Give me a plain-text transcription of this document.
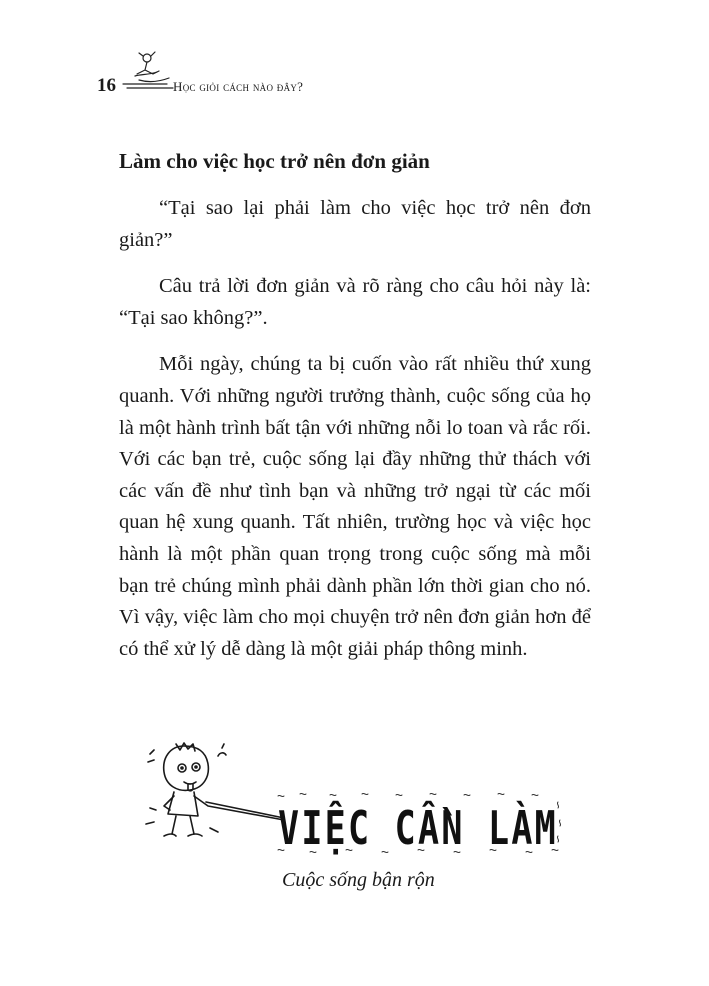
16	Học giỏi cách nào đây?
Làm cho việc học trở nên đơn giản

“Tại sao lại phải làm cho việc học trở nên đơn giản?”

Câu trả lời đơn giản và rõ ràng cho câu hỏi này là: “Tại sao không?”.

Mỗi ngày, chúng ta bị cuốn vào rất nhiều thứ xung quanh. Với những người trưởng thành, cuộc sống của họ là một hành trình bất tận với những nỗi lo toan và rắc rối. Với các bạn trẻ, cuộc sống lại đầy những thử thách với các vấn đề như tình bạn và những trở ngại từ các mối quan hệ xung quanh. Tất nhiên, trường học và việc học hành là một phần quan trọng trong cuộc sống mà mỗi bạn trẻ chúng mình phải dành phần lớn thời gian cho nó. Vì vậy, việc làm cho mọi chuyện trở nên đơn giản hơn để có thể xử lý dễ dàng là một giải pháp thông minh.

VIỆC CẦN LÀM
Cuộc sống bận rộn
